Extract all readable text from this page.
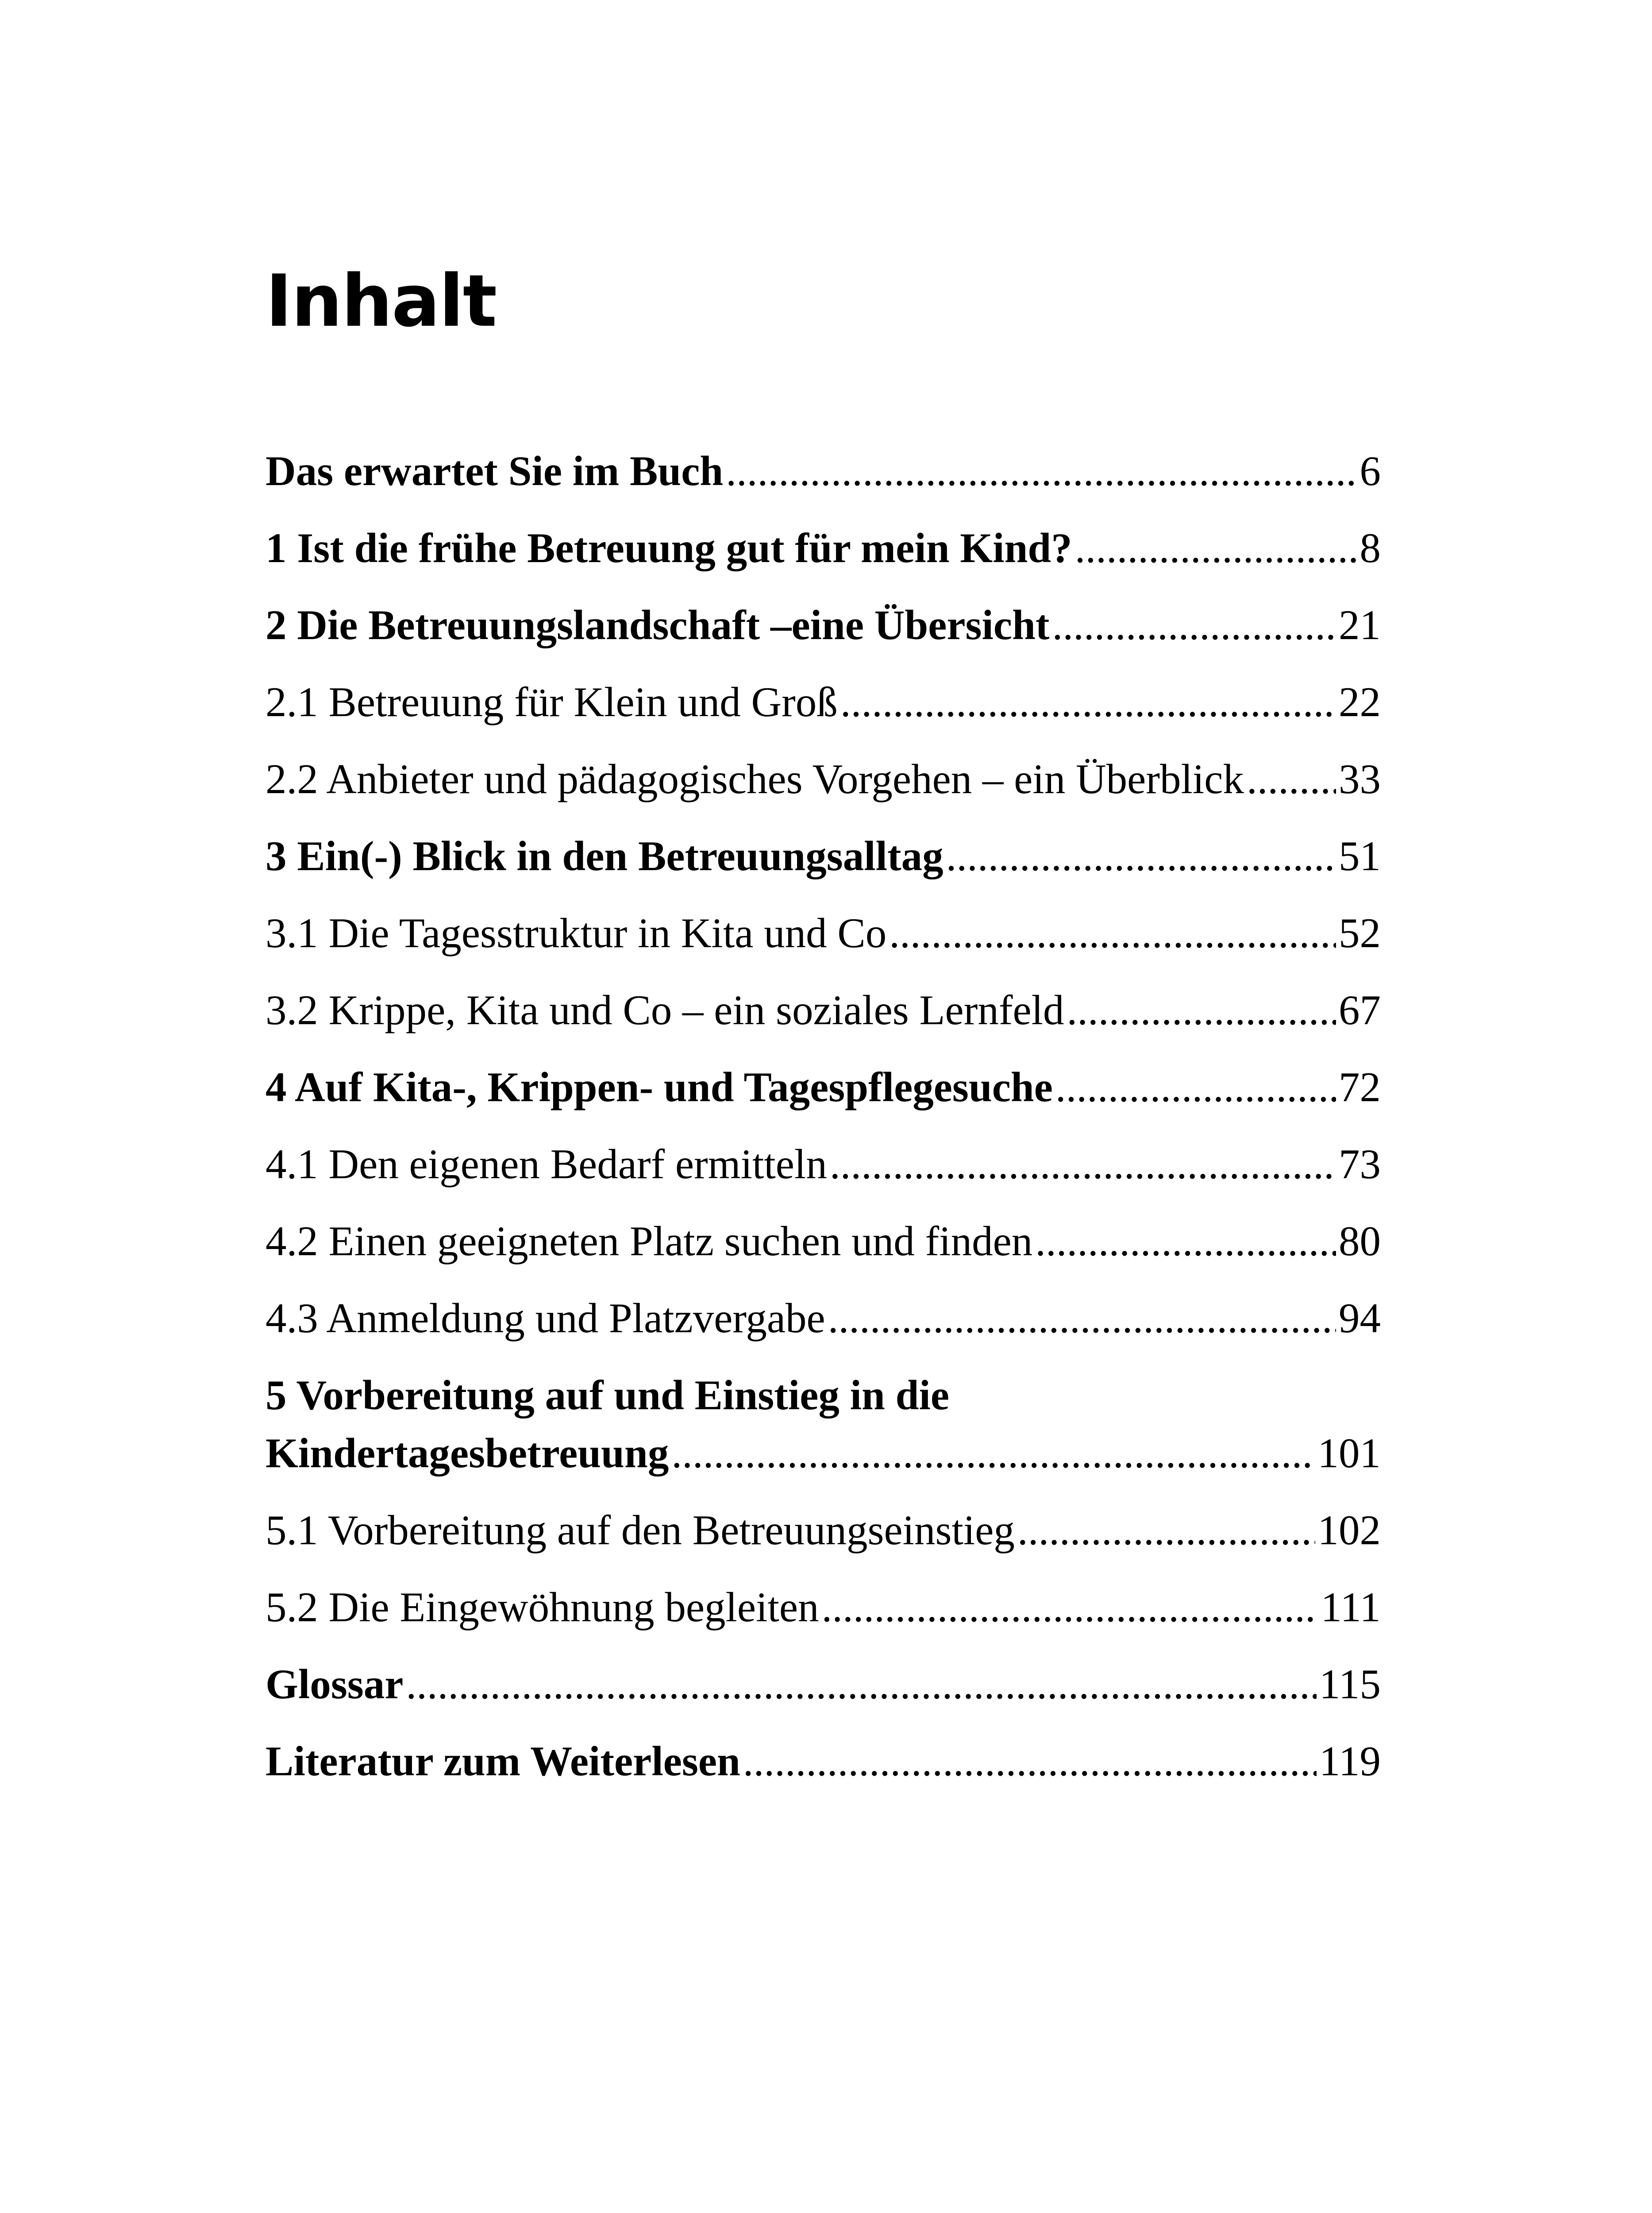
Inhalt
Das erwartet Sie im Buch .....	6
1 Ist die frühe Betreuung gut für mein Kind? .....	8
2 Die Betreuungslandschaft –eine Übersicht .....	21
2.1 Betreuung für Klein und Groß .....	22
2.2 Anbieter und pädagogisches Vorgehen – ein Überblick ..... 33
3 Ein(-) Blick in den Betreuungsalltag .....	51
3.1 Die Tagesstruktur in Kita und Co .....	52
3.2 Krippe, Kita und Co – ein soziales Lernfeld .....	67
4 Auf Kita-, Krippen- und Tagespflegesuche .....	72
4.1 Den eigenen Bedarf ermitteln .....	73
4.2 Einen geeigneten Platz suchen und finden .....	80
4.3 Anmeldung und Platzvergabe .....	94
5 Vorbereitung auf und Einstieg in die
Kindertagesbetreuung .....	101
5.1 Vorbereitung auf den Betreuungseinstieg .....	102
5.2 Die Eingewöhnung begleiten .....	111
Glossar .....	115
Literatur zum Weiterlesen .....	119
